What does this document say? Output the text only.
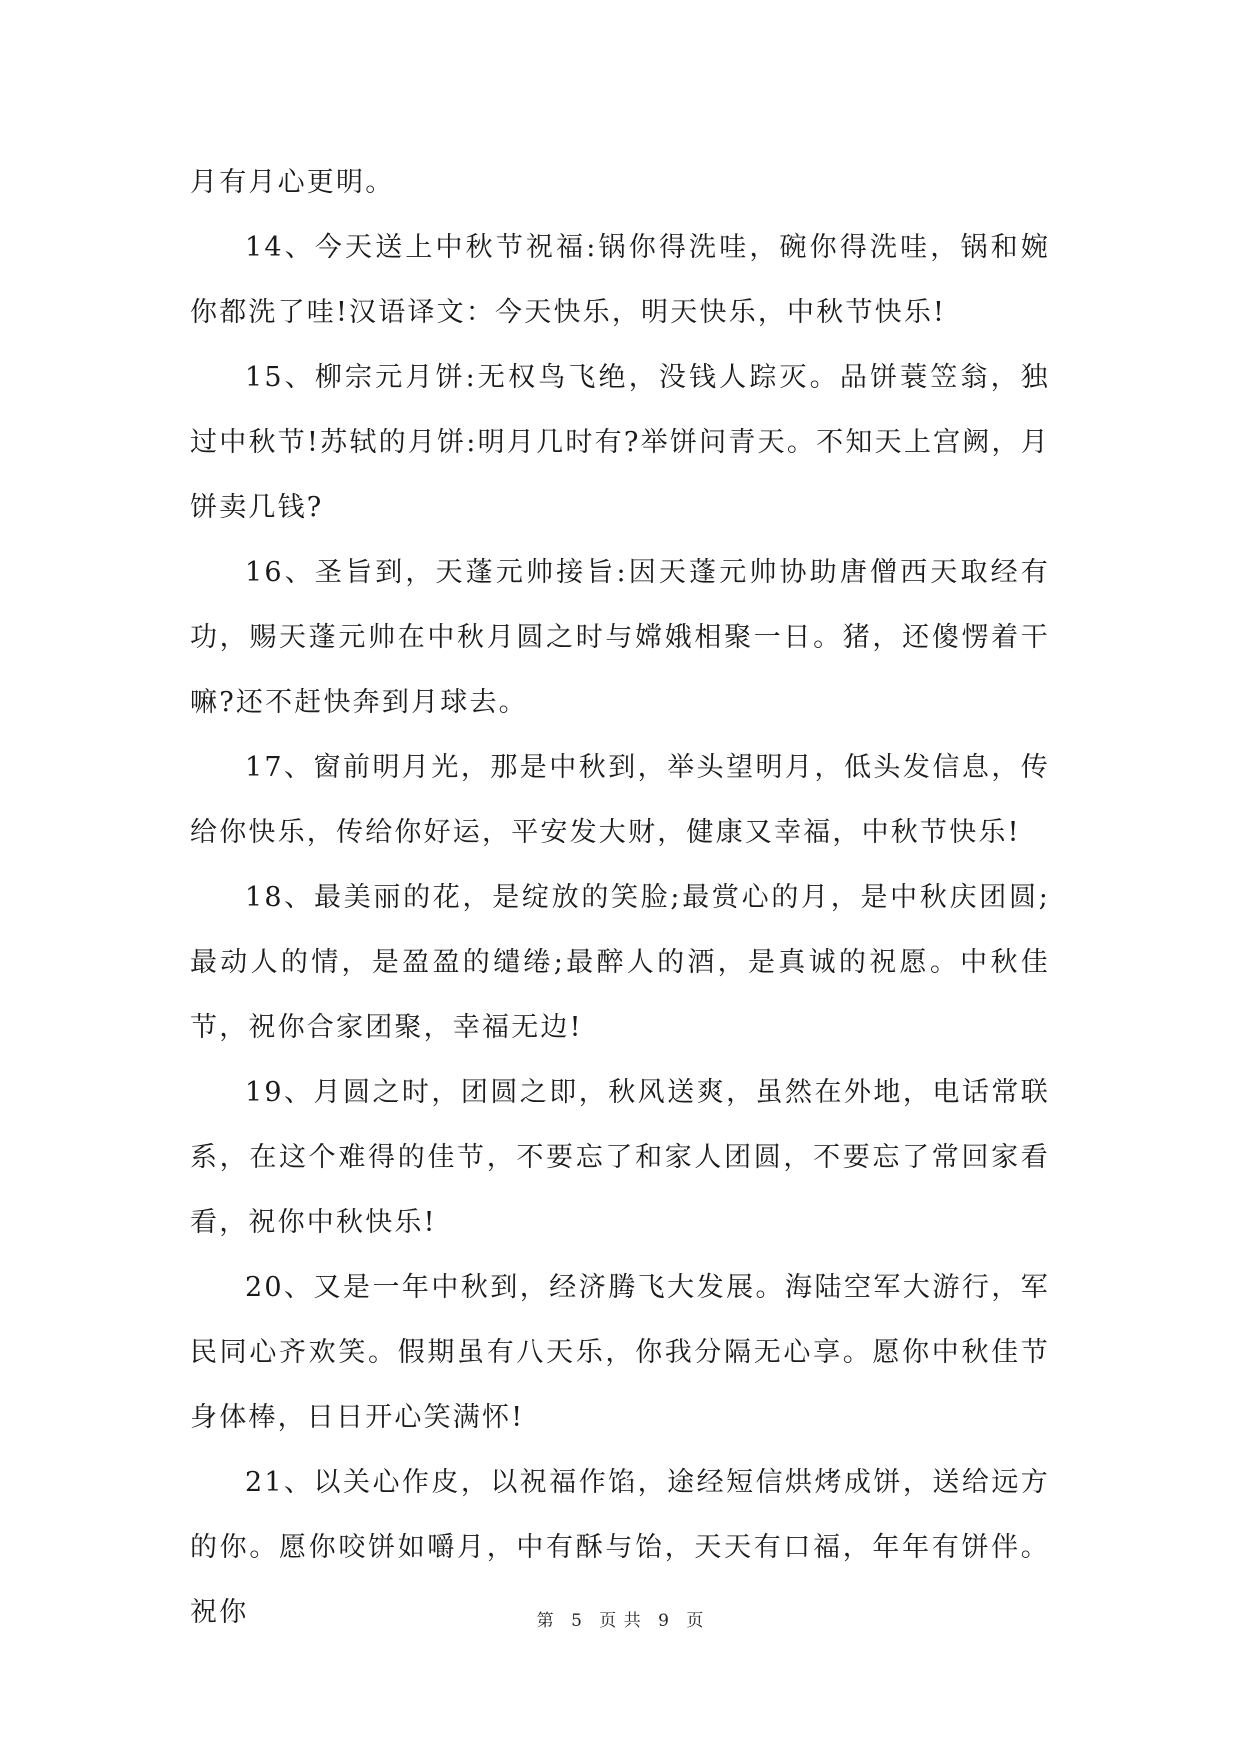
月有月心更明。

14、今天送上中秋节祝福:锅你得洗哇，碗你得洗哇，锅和婉你都洗了哇!汉语译文：今天快乐，明天快乐，中秋节快乐!

15、柳宗元月饼:无权鸟飞绝，没钱人踪灭。品饼蓑笠翁，独过中秋节!苏轼的月饼:明月几时有?举饼问青天。不知天上宫阙，月饼卖几钱?

16、圣旨到，天蓬元帅接旨:因天蓬元帅协助唐僧西天取经有功，赐天蓬元帅在中秋月圆之时与嫦娥相聚一日。猪，还傻愣着干嘛?还不赶快奔到月球去。

17、窗前明月光，那是中秋到，举头望明月，低头发信息，传给你快乐，传给你好运，平安发大财，健康又幸福，中秋节快乐!

18、最美丽的花，是绽放的笑脸;最赏心的月，是中秋庆团圆;最动人的情，是盈盈的缱绻;最醉人的酒，是真诚的祝愿。中秋佳节，祝你合家团聚，幸福无边!

19、月圆之时，团圆之即，秋风送爽，虽然在外地，电话常联系，在这个难得的佳节，不要忘了和家人团圆，不要忘了常回家看看，祝你中秋快乐!

20、又是一年中秋到，经济腾飞大发展。海陆空军大游行，军民同心齐欢笑。假期虽有八天乐，你我分隔无心享。愿你中秋佳节身体棒，日日开心笑满怀!

21、以关心作皮，以祝福作馅，途经短信烘烤成饼，送给远方的你。愿你咬饼如嚼月，中有酥与饴，天天有口福，年年有饼伴。祝你	第 5 页 共 9 页
